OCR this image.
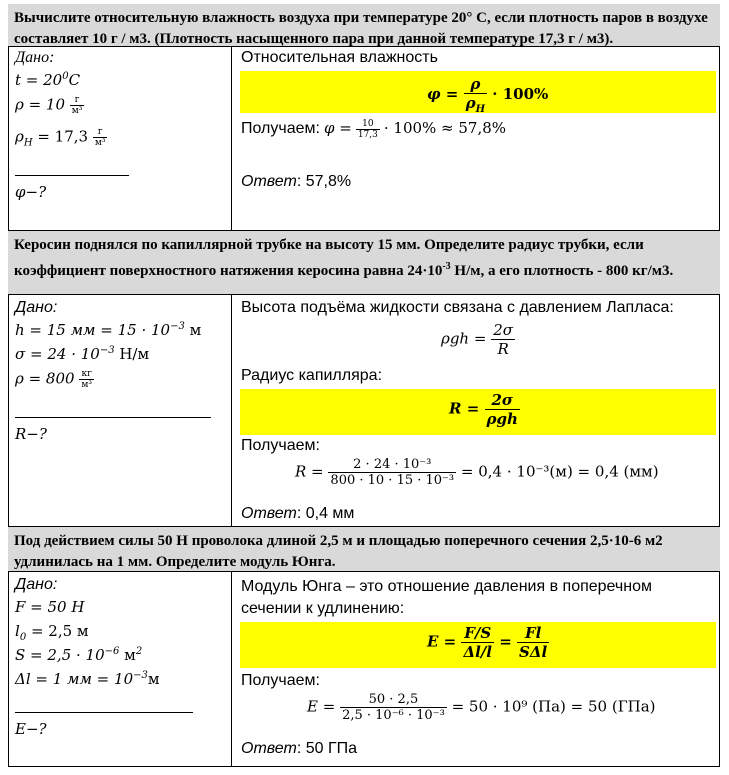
Вычислите относительную влажность воздуха при температуре 20° C, если плотность паров в воздухе составляет 10 г / м3. (Плотность насыщенного пара при данной температуре 17,3 г / м3).
Дано:
$t = 20^0C$
$\rho = 10 \frac{г}{\text{м³}}$
$\rho_H = 17,3 \frac{г}{\text{м³}}$
φ−?
Относительная влажность
$\varphi = \frac{\rho}{\rho_Н} \cdot 100\%$
Получаем: $\varphi = \frac{10}{17,3} \cdot 100\% \approx 57,8\%$
Ответ: 57,8%
Керосин поднялся по капиллярной трубке на высоту 15 мм. Определите радиус трубки, если коэффициент поверхностного натяжения керосина равна $24\cdot 10^{-3}$ Н/м, а его плотность - 800 кг/м3.
Дано:
h = 15 мм = $15 \cdot 10^{-3}$ м
$\sigma = 24 \cdot 10^{-3}$ Н/м
$\rho = 800 \frac{кг}{\text{м³}}$
R−?
Высота подъёма жидкости связана с давлением Лапласа:
$\rho gh = \frac{2\sigma}{R}$
Радиус капилляра:
$R = \frac{2\sigma}{\text{ρgh}}$
Получаем:
$R = \frac{\text{2 · 24 · 10⁻³}}{\text{800 · 10 · 15 · 10⁻³}} = 0,4 \cdot 10^{-3}(м) = 0,4$ (мм)
Ответ: 0,4 мм
Под действием силы 50 Н проволока длиной 2,5 м и площадью поперечного сечения 2,5·10-6 м2 удлинилась на 1 мм. Определите модуль Юнга.
Дано:
F = 50 H
$l_0 = 2,5$ м
$S = 2,5 \cdot 10^{-6}$ $м^2$
Δl = 1 мм = $10^{-3}м$
E−?
Модуль Юнга – это отношение давления в поперечном сечении к удлинению:
$E = \frac{F/S}{\Delta l/l} = \frac{Fl}{\text{SΔl}}$
Получаем:
$E = \frac{50 \cdot 2,5}{\text{2,5 · 10⁻⁶ · 10⁻³}} = 50 \cdot 10^9$ (Па) = 50 (ГПа)
Ответ: 50 ГПа
